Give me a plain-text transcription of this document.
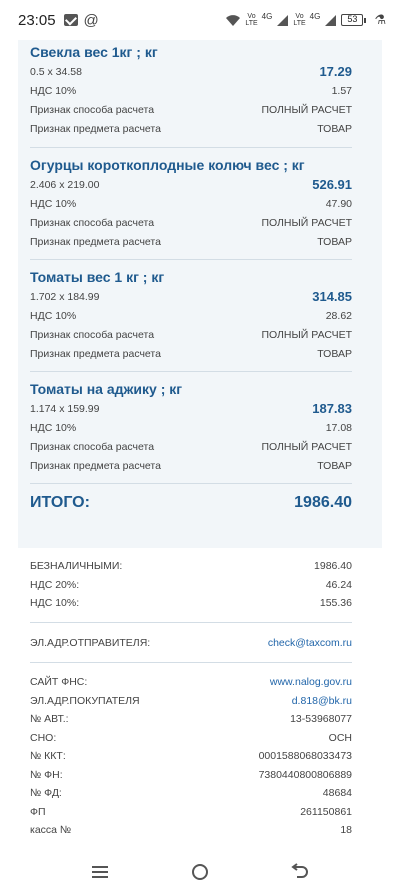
23:05 @	Vo
LTE
4G	Vo
LTE
4G	53	⚗
Свекла вес 1кг ; кг
0.5 x 34.58	17.29
НДС 10%	1.57
Признак способа расчета	ПОЛНЫЙ РАСЧЕТ
Признак предмета расчета	ТОВАР
Огурцы короткоплодные колюч вес ; кг
2.406 x 219.00	526.91
НДС 10%	47.90
Признак способа расчета	ПОЛНЫЙ РАСЧЕТ
Признак предмета расчета	ТОВАР
Томаты вес 1 кг ; кг
1.702 x 184.99	314.85
НДС 10%	28.62
Признак способа расчета	ПОЛНЫЙ РАСЧЕТ
Признак предмета расчета	ТОВАР
Томаты на аджику ; кг
1.174 x 159.99	187.83
НДС 10%	17.08
Признак способа расчета	ПОЛНЫЙ РАСЧЕТ
Признак предмета расчета	ТОВАР
ИТОГО:	1986.40
БЕЗНАЛИЧНЫМИ:	1986.40
НДС 20%:	46.24
НДС 10%:	155.36
ЭЛ.АДР.ОТПРАВИТЕЛЯ:	check@taxcom.ru
САЙТ ФНС:	www.nalog.gov.ru
ЭЛ.АДР.ПОКУПАТЕЛЯ	d.818@bk.ru
№ АВТ.:	13-53968077
СНО:	ОСН
№ ККТ:	0001588068033473
№ ФН:	7380440800806889
№ ФД:	48684
ФП	261150861
касса №	18
